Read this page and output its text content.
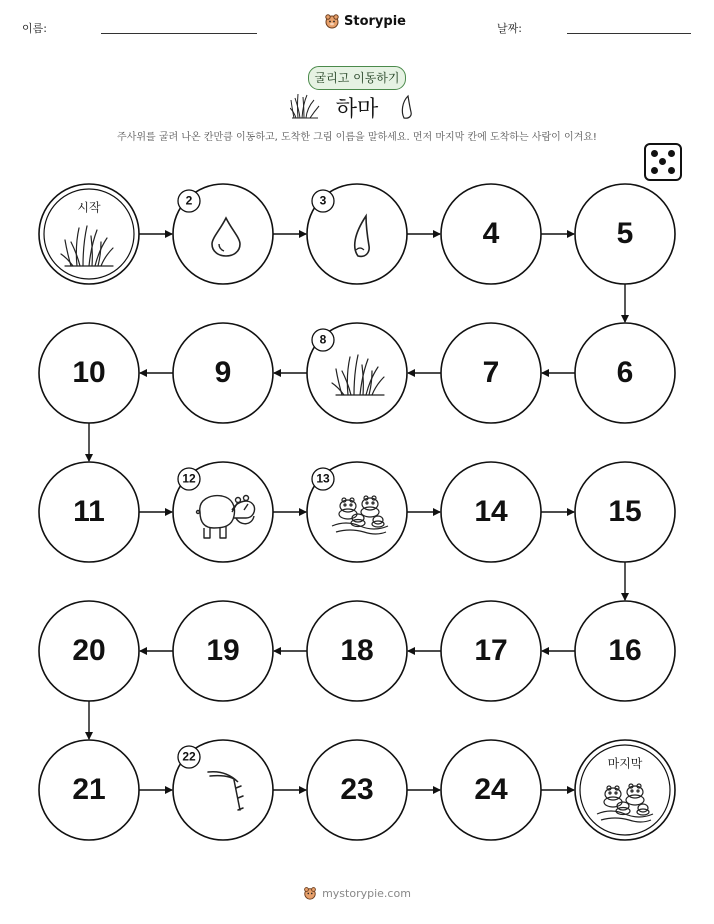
이름:	Storypie	날짜:
굴리고 이동하기
하마
주사위를 굴려 나온 칸만큼 이동하고, 도착한 그림 이름을 말하세요. 먼저 마지막 칸에 도착하는 사람이 이겨요!
시작	2	3
4	5
6
7
8
9
10
11
12	13
14	15
16
17
18
19
20
21
22
23	24
마지막
mystorypie.com
